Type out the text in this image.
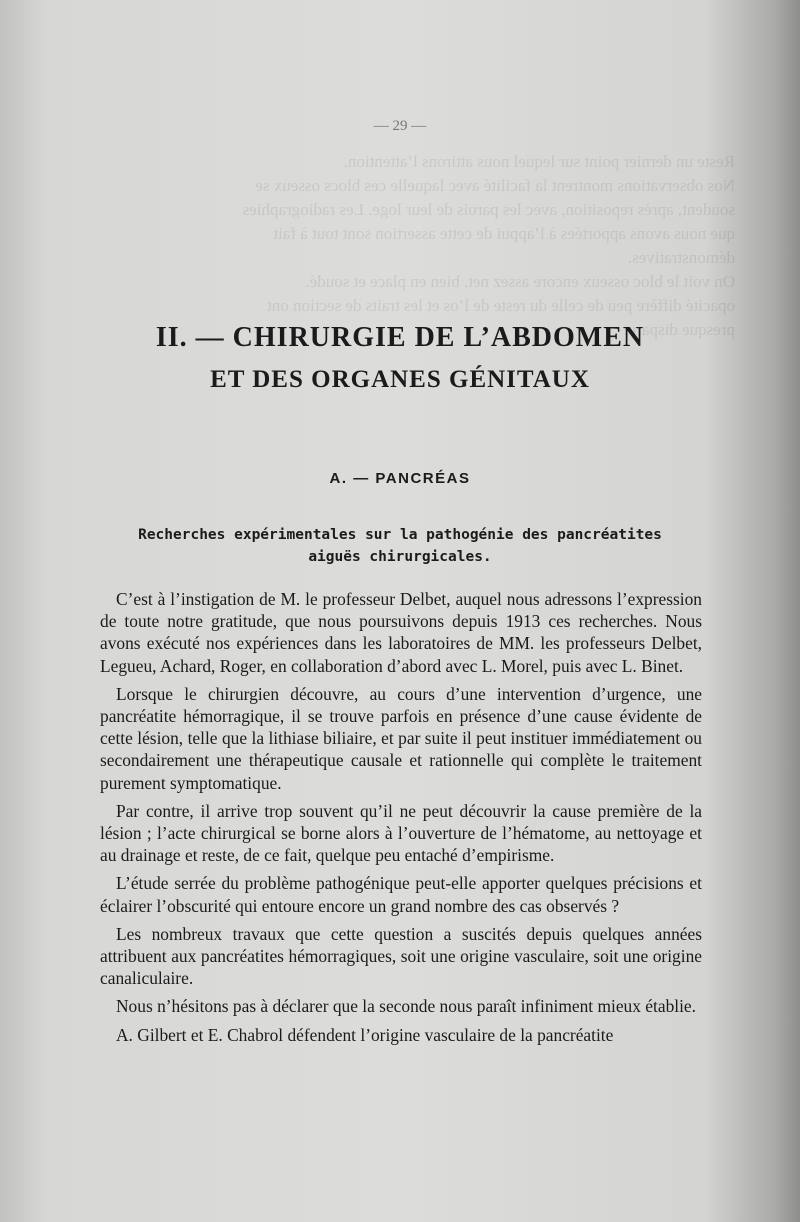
Reste un dernier point sur lequel nous attirons l’attention.
Nos observations montrent la facilité avec laquelle ces blocs osseux se
soudent, après reposition, avec les parois de leur loge. Les radiographies
que nous avons apportées à l’appui de cette assertion sont tout à fait
démonstratives.
On voit le bloc osseux encore assez net, bien en place et soudé.
opacité diffère peu de celle du reste de l’os et les traits de section ont
presque disparu.
— 29 —
II. — CHIRURGIE DE L’ABDOMEN
ET DES ORGANES GÉNITAUX
A. — PANCRÉAS
Recherches expérimentales sur la pathogénie des pancréatites
aiguës chirurgicales.

C’est à l’instigation de M. le professeur Delbet, auquel nous adressons l’expression de toute notre gratitude, que nous poursuivons depuis 1913 ces recherches. Nous avons exécuté nos expériences dans les laboratoires de MM. les professeurs Delbet, Legueu, Achard, Roger, en collaboration d’abord avec L. Morel, puis avec L. Binet.

Lorsque le chirurgien découvre, au cours d’une intervention d’urgence, une pancréatite hémorragique, il se trouve parfois en présence d’une cause évidente de cette lésion, telle que la lithiase biliaire, et par suite il peut instituer immédiatement ou secondairement une thérapeutique causale et rationnelle qui complète le traitement purement symptomatique.

Par contre, il arrive trop souvent qu’il ne peut découvrir la cause première de la lésion ; l’acte chirurgical se borne alors à l’ouverture de l’hématome, au nettoyage et au drainage et reste, de ce fait, quelque peu entaché d’empirisme.

L’étude serrée du problème pathogénique peut-elle apporter quelques précisions et éclairer l’obscurité qui entoure encore un grand nombre des cas observés ?

Les nombreux travaux que cette question a suscités depuis quelques années attribuent aux pancréatites hémorragiques, soit une origine vasculaire, soit une origine canaliculaire.

Nous n’hésitons pas à déclarer que la seconde nous paraît infiniment mieux établie.

A. Gilbert et E. Chabrol défendent l’origine vasculaire de la pancréatite
